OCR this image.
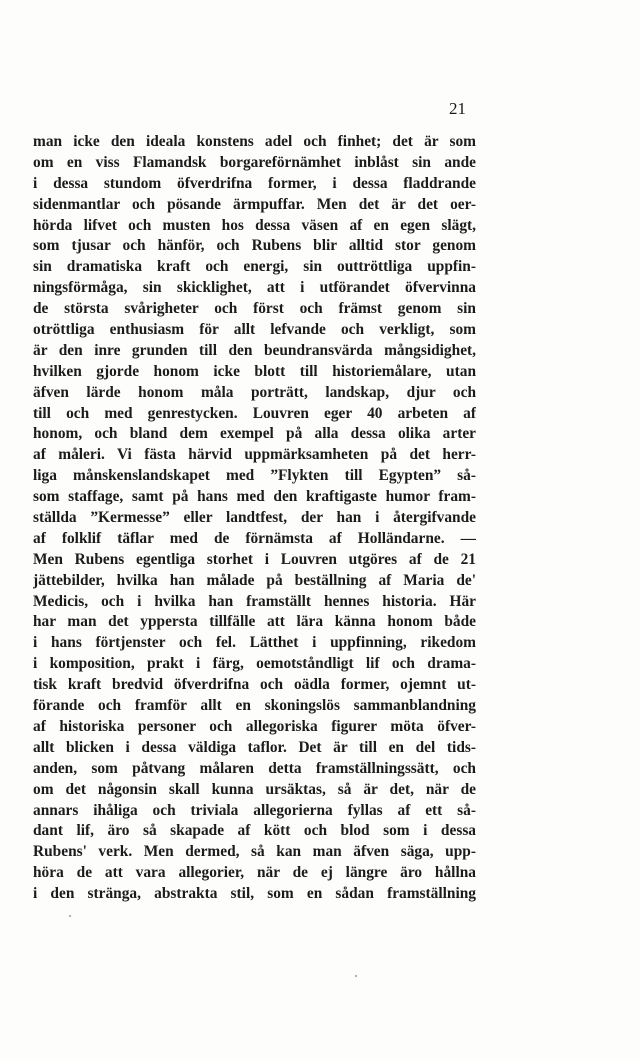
21
man icke den ideala konstens adel och finhet; det är som
om en viss Flamandsk borgareförnämhet inblåst sin ande
i dessa stundom öfverdrifna former, i dessa fladdrande
sidenmantlar och pösande ärmpuffar. Men det är det oer-
hörda lifvet och musten hos dessa väsen af en egen slägt,
som tjusar och hänför, och Rubens blir alltid stor genom
sin dramatiska kraft och energi, sin outtröttliga uppfin-
ningsförmåga, sin skicklighet, att i utförandet öfvervinna
de största svårigheter och först och främst genom sin
otröttliga enthusiasm för allt lefvande och verkligt, som
är den inre grunden till den beundransvärda mångsidighet,
hvilken gjorde honom icke blott till historiemålare, utan
äfven lärde honom måla porträtt, landskap, djur och
till och med genrestycken. Louvren eger 40 arbeten af
honom, och bland dem exempel på alla dessa olika arter
af måleri. Vi fästa härvid uppmärksamheten på det herr-
liga månskenslandskapet med ”Flykten till Egypten” så-
som staffage, samt på hans med den kraftigaste humor fram-
ställda ”Kermesse” eller landtfest, der han i återgifvande
af folklif täflar med de förnämsta af Holländarne. —
Men Rubens egentliga storhet i Louvren utgöres af de 21
jättebilder, hvilka han målade på beställning af Maria de'
Medicis, och i hvilka han framställt hennes historia. Här
har man det yppersta tillfälle att lära känna honom både
i hans förtjenster och fel. Lätthet i uppfinning, rikedom
i komposition, prakt i färg, oemotståndligt lif och drama-
tisk kraft bredvid öfverdrifna och oädla former, ojemnt ut-
förande och framför allt en skoningslös sammanblandning
af historiska personer och allegoriska figurer möta öfver-
allt blicken i dessa väldiga taflor. Det är till en del tids-
anden, som påtvang målaren detta framställningssätt, och
om det någonsin skall kunna ursäktas, så är det, när de
annars ihåliga och triviala allegorierna fyllas af ett så-
dant lif, äro så skapade af kött och blod som i dessa
Rubens' verk. Men dermed, så kan man äfven säga, upp-
höra de att vara allegorier, när de ej längre äro hållna
i den stränga, abstrakta stil, som en sådan framställning
